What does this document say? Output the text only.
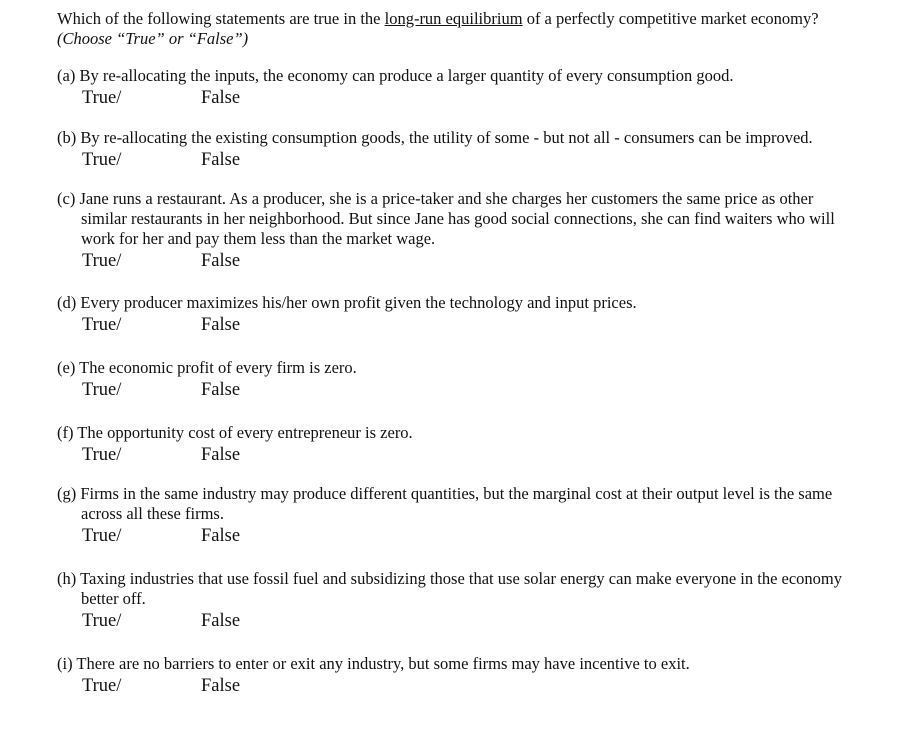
Which of the following statements are true in the long-run equilibrium of a perfectly competitive market economy?
(Choose “True” or “False”)
(a) By re-allocating the inputs, the economy can produce a larger quantity of every consumption good.
True/	False
(b) By re-allocating the existing consumption goods, the utility of some - but not all - consumers can be improved.
True/	False
(c) Jane runs a restaurant. As a producer, she is a price-taker and she charges her customers the same price as other similar restaurants in her neighborhood. But since Jane has good social connections, she can find waiters who will work for her and pay them less than the market wage.
True/	False
(d) Every producer maximizes his/her own profit given the technology and input prices.
True/	False
(e) The economic profit of every firm is zero.
True/	False
(f) The opportunity cost of every entrepreneur is zero.
True/	False
(g) Firms in the same industry may produce different quantities, but the marginal cost at their output level is the same across all these firms.
True/	False
(h) Taxing industries that use fossil fuel and subsidizing those that use solar energy can make everyone in the economy better off.
True/	False
(i) There are no barriers to enter or exit any industry, but some firms may have incentive to exit.
True/	False
